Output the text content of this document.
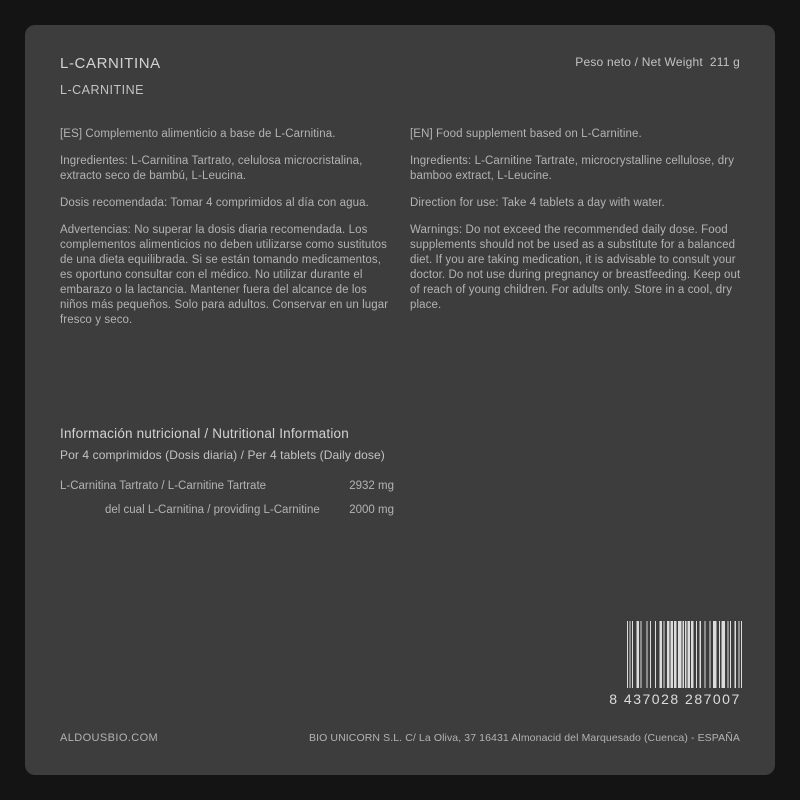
L-CARNITINA
L-CARNITINE
Peso neto / Net Weight 211 g

[ES] Complemento alimenticio a base de L-Carnitina.

Ingredientes: L-Carnitina Tartrato, celulosa microcristalina, extracto seco de bambú, L-Leucina.

Dosis recomendada: Tomar 4 comprimidos al día con agua.

Advertencias: No superar la dosis diaria recomendada. Los complementos alimenticios no deben utilizarse como sustitutos de una dieta equilibrada. Si se están tomando medicamentos, es oportuno consultar con el médico. No utilizar durante el embarazo o la lactancia. Mantener fuera del alcance de los niños más pequeños. Solo para adultos. Conservar en un lugar fresco y seco.

[EN] Food supplement based on L-Carnitine.

Ingredients: L-Carnitine Tartrate, microcrystalline cellulose, dry bamboo extract, L-Leucine.

Direction for use: Take 4 tablets a day with water.

Warnings: Do not exceed the recommended daily dose. Food supplements should not be used as a substitute for a balanced diet. If you are taking medication, it is advisable to consult your doctor. Do not use during pregnancy or breastfeeding. Keep out of reach of young children. For adults only. Store in a cool, dry place.

Información nutricional / Nutritional Information
Por 4 comprimidos (Dosis diaria) / Per 4 tablets (Daily dose)
L-Carnitina Tartrato / L-Carnitine Tartrate	2932 mg
del cual L-Carnitina / providing L-Carnitine	2000 mg
8 437028 287007
ALDOUSBIO.COM	BIO UNICORN S.L. C/ La Oliva, 37 16431 Almonacid del Marquesado (Cuenca) - ESPAÑA
